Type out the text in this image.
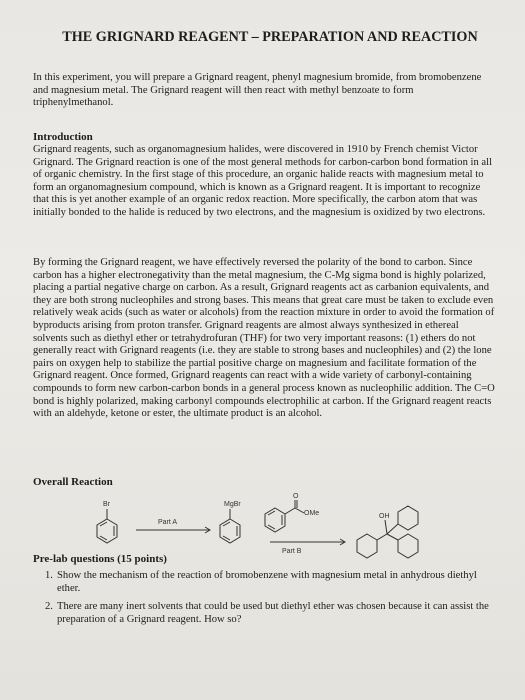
THE GRIGNARD REAGENT – PREPARATION AND REACTION
In this experiment, you will prepare a Grignard reagent, phenyl magnesium bromide, from bromobenzene and magnesium metal. The Grignard reagent will then react with methyl benzoate to form triphenylmethanol.
Introduction
Grignard reagents, such as organomagnesium halides, were discovered in 1910 by French chemist Victor Grignard. The Grignard reaction is one of the most general methods for carbon-carbon bond formation in all of organic chemistry. In the first stage of this procedure, an organic halide reacts with magnesium metal to form an organomagnesium compound, which is known as a Grignard reagent. It is important to recognize that this is yet another example of an organic redox reaction. More specifically, the carbon atom that was initially bonded to the halide is reduced by two electrons, and the magnesium is oxidized by two electrons.
By forming the Grignard reagent, we have effectively reversed the polarity of the bond to carbon. Since carbon has a higher electronegativity than the metal magnesium, the C-Mg sigma bond is highly polarized, placing a partial negative charge on carbon. As a result, Grignard reagents act as carbanion equivalents, and they are both strong nucleophiles and strong bases. This means that great care must be taken to exclude even relatively weak acids (such as water or alcohols) from the reaction mixture in order to avoid the formation of byproducts arising from proton transfer. Grignard reagents are almost always synthesized in ethereal solvents such as diethyl ether or tetrahydrofuran (THF) for two very important reasons: (1) ethers do not generally react with Grignard reagents (i.e. they are stable to strong bases and nucleophiles) and (2) the lone pairs on oxygen help to stabilize the partial positive charge on magnesium and facilitate formation of the Grignard reagent. Once formed, Grignard reagents can react with a wide variety of carbonyl-containing compounds to form new carbon-carbon bonds in a general process known as nucleophilic addition. The C=O bond is highly polarized, making carbonyl compounds electrophilic at carbon. If the Grignard reagent reacts with an aldehyde, ketone or ester, the ultimate product is an alcohol.
Overall Reaction
Br	MgBr
O
OMe	OH
Part A
Part B
Pre-lab questions (15 points)
1. Show the mechanism of the reaction of bromobenzene with magnesium metal in anhydrous diethyl ether.
2. There are many inert solvents that could be used but diethyl ether was chosen because it can assist the preparation of a Grignard reagent. How so?
